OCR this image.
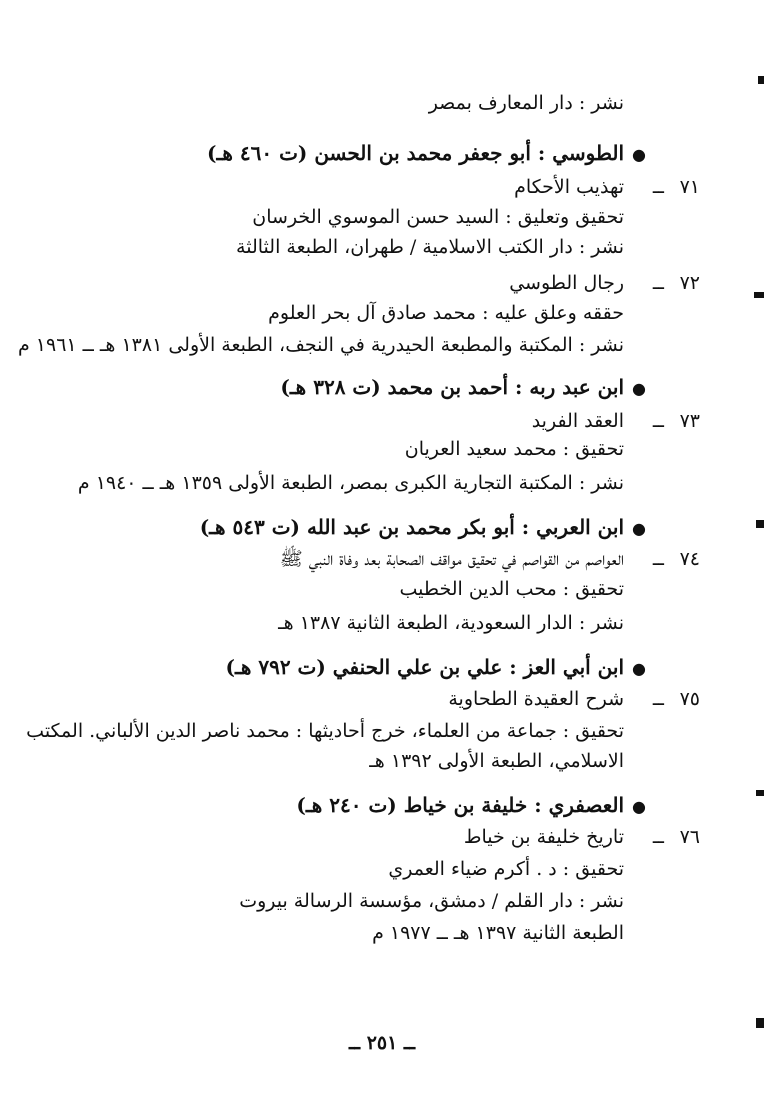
ــ ٢٥١ ــ
نشر : دار المعارف بمصر
●الطوسي : أبو جعفر محمد بن الحسن (ت ٤٦٠ هـ)
٧١
ــ
تهذيب الأحكام
تحقيق وتعليق : السيد حسن الموسوي الخرسان
نشر : دار الكتب الاسلامية / طهران، الطبعة الثالثة
٧٢
ــ
رجال الطوسي
حققه وعلق عليه : محمد صادق آل بحر العلوم
نشر : المكتبة والمطبعة الحيدرية في النجف، الطبعة الأولى ١٣٨١ هـ ــ ١٩٦١ م
●ابن عبد ربه : أحمد بن محمد (ت ٣٢٨ هـ)
٧٣
ــ
العقد الفريد
تحقيق : محمد سعيد العريان
نشر : المكتبة التجارية الكبرى بمصر، الطبعة الأولى ١٣٥٩ هـ ــ ١٩٤٠ م
●ابن العربي : أبو بكر محمد بن عبد الله (ت ٥٤٣ هـ)
٧٤
ــ
العواصم من القواصم في تحقيق مواقف الصحابة بعد وفاة النبي ﷺ
تحقيق : محب الدين الخطيب
نشر : الدار السعودية، الطبعة الثانية ١٣٨٧ هـ
●ابن أبي العز : علي بن علي الحنفي (ت ٧٩٢ هـ)
٧٥
ــ
شرح العقيدة الطحاوية
تحقيق : جماعة من العلماء، خرج أحاديثها : محمد ناصر الدين الألباني. المكتب
الاسلامي، الطبعة الأولى ١٣٩٢ هـ
●العصفري : خليفة بن خياط (ت ٢٤٠ هـ)
٧٦
ــ
تاريخ خليفة بن خياط
تحقيق : د . أكرم ضياء العمري
نشر : دار القلم / دمشق، مؤسسة الرسالة بيروت
الطبعة الثانية ١٣٩٧ هـ ــ ١٩٧٧ م
